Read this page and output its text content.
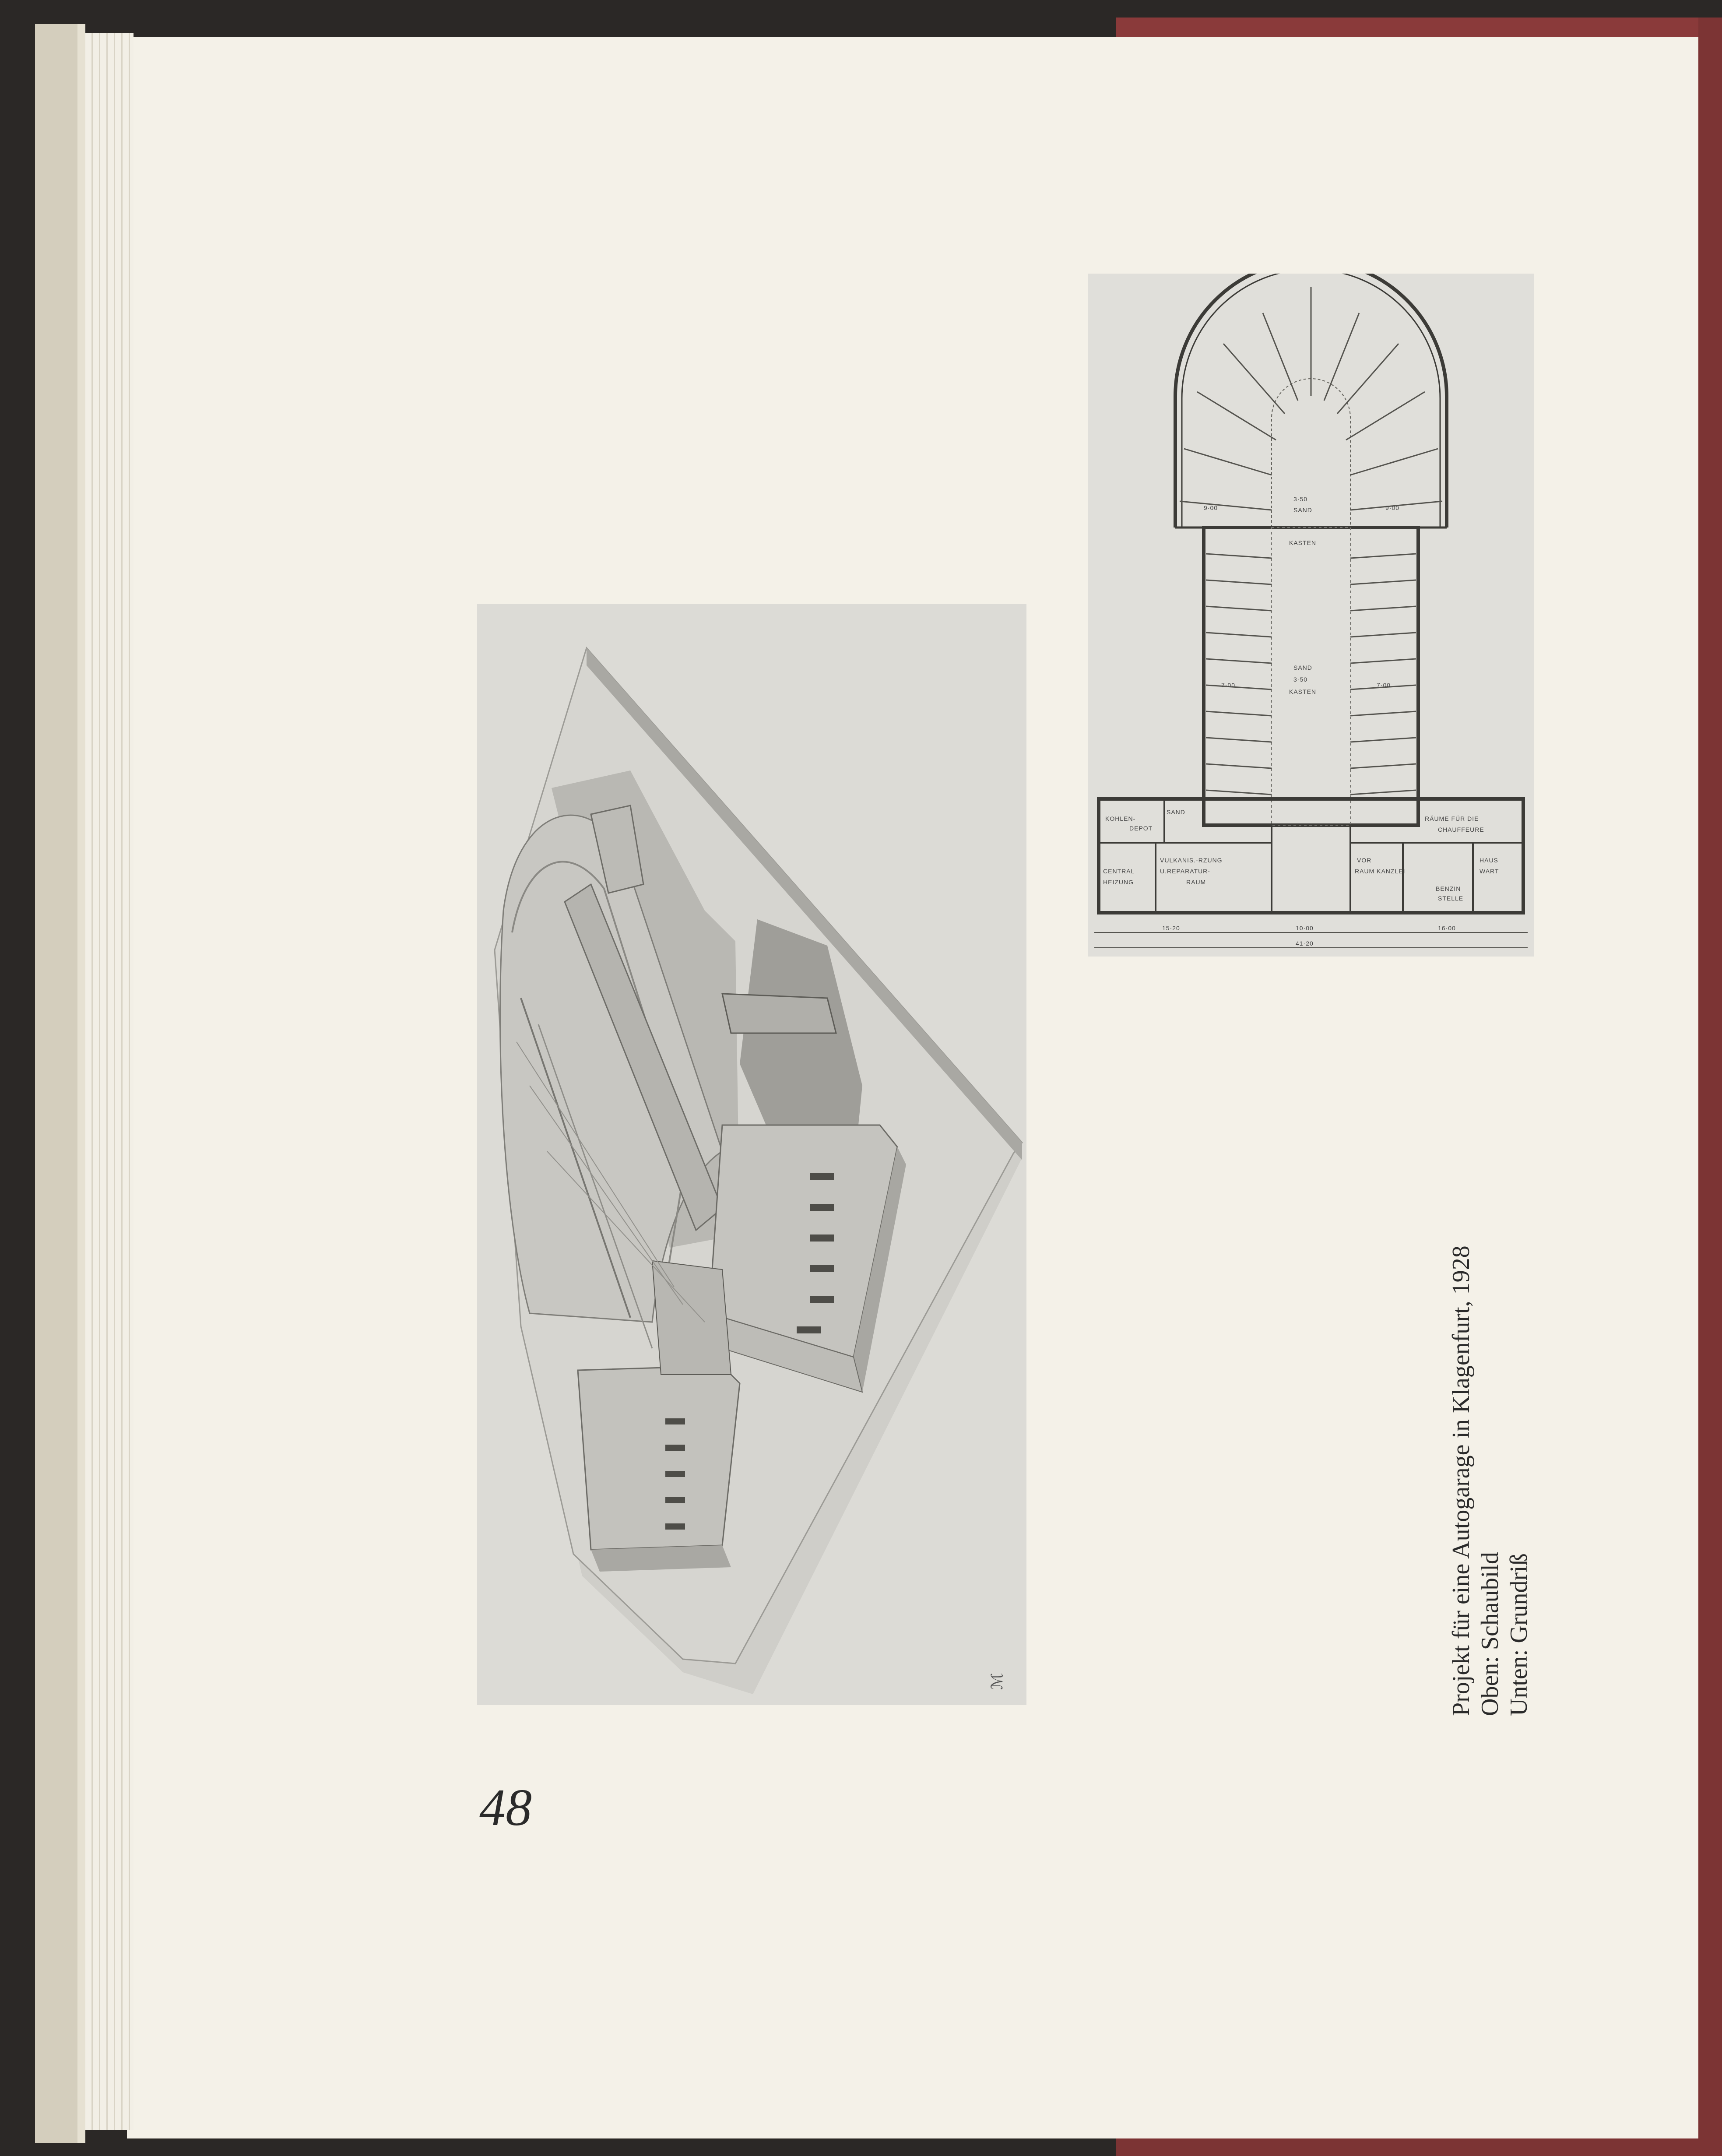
ℳ
SAND
KASTEN
SAND
KASTEN
KOHLEN-
DEPOT
SAND
VULKANIS.-RZUNG
U.REPARATUR-
RAUM
CENTRAL
HEIZUNG
RÄUME FÜR DIE
CHAUFFEURE
VOR
RAUM KANZLEI
HAUS
WART
BENZIN
STELLE
9·00
3·50
9·00
7·00
3·50
7·00
15·20	10·00	16·00
41·20
Projekt für eine Autogarage in Klagenfurt, 1928 Oben: Schaubild Unten: Grundriß
48
